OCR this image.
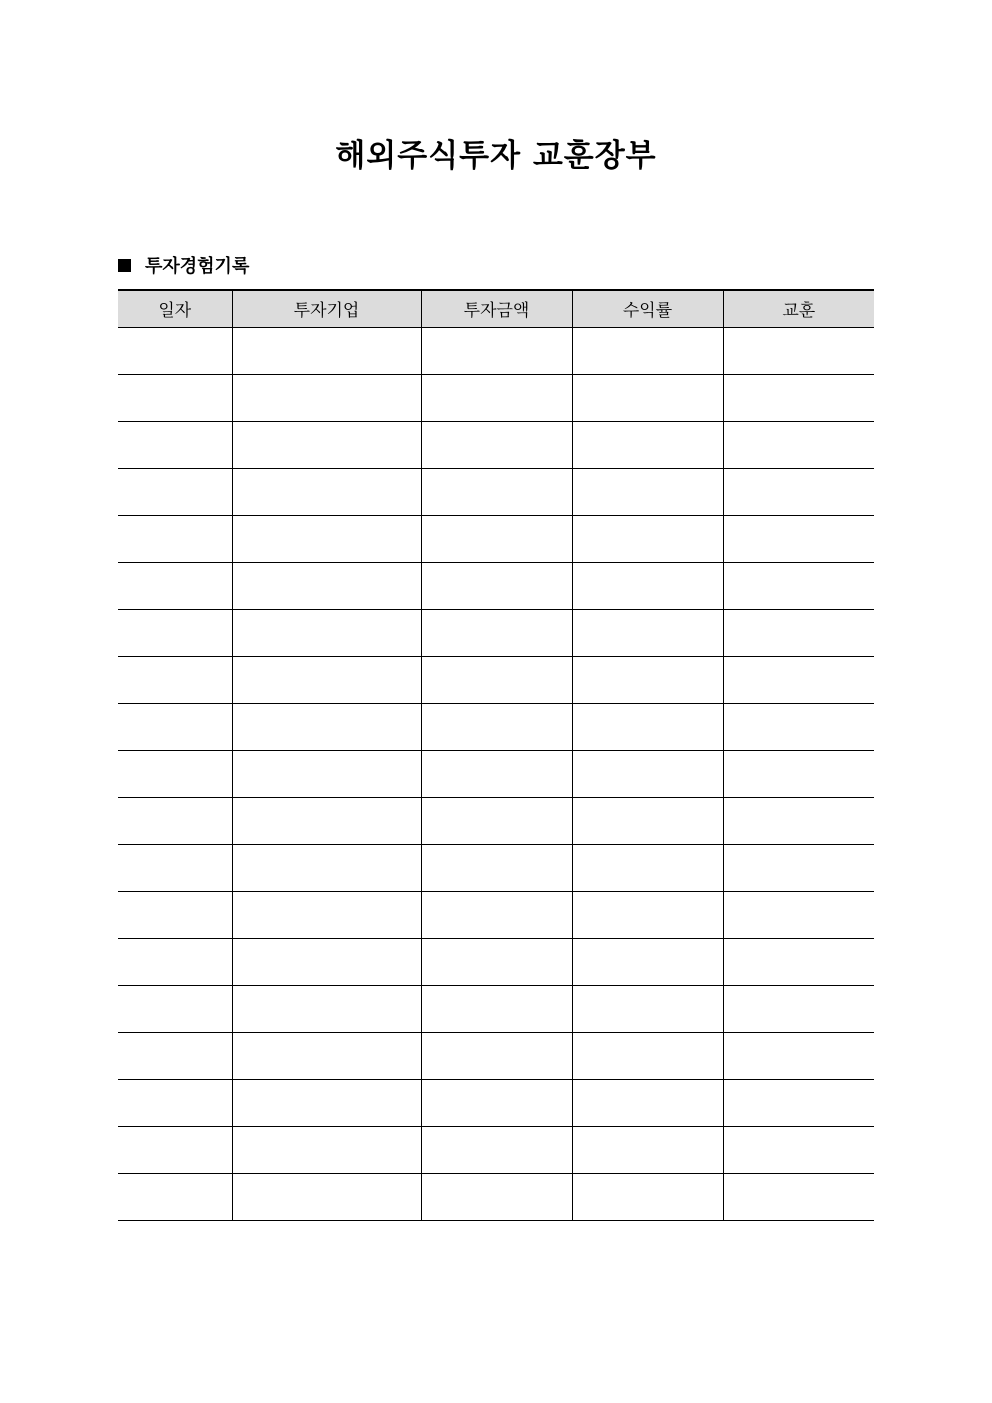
해외주식투자 교훈장부
투자경험기록
일자	투자기업	투자금액	수익률	교훈
